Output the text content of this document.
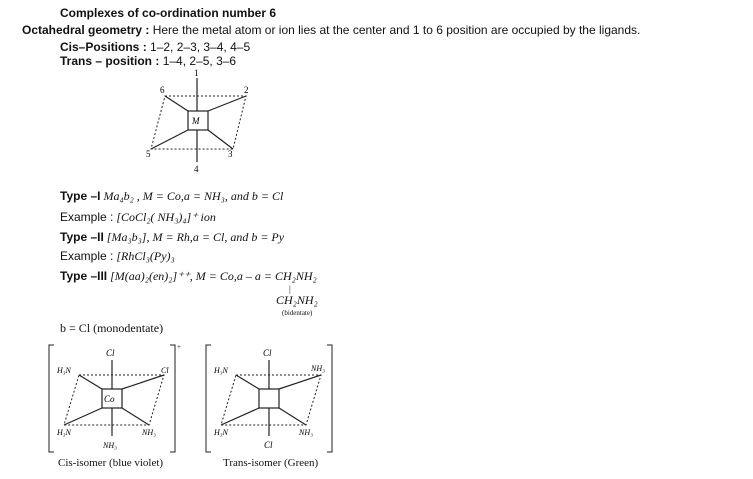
Complexes of co-ordination number 6
Octahedral geometry : Here the metal atom or ion lies at the center and 1 to 6 position are occupied by the ligands.
Cis–Positions : 1–2, 2–3, 3–4, 4–5
Trans – position : 1–4, 2–5, 3–6
M
1
2
3
4
5
6
Type –I Ma₄b₂ , M = Co,a = NH₃, and b = Cl
Example : [CoCl₂( NH₃)₄]⁺ ion
Type –II [Ma₃b₃], M = Rh,a = Cl, and b = Py
Example : [RhCl₃(Py)₃
Type –III [M(aa)₂(en)₂]⁺⁺, M = Co,a – a = CH₂NH₂
|
CH₂NH₂
(bidentate)
b = Cl (monodentate)
Cl
H₃N	Cl
Co
H₃N	NH₃
NH₃
+
Cis-isomer (blue violet)
Cl
H₃N	NH₃
H₃N	NH₃
Cl
Trans-isomer (Green)
